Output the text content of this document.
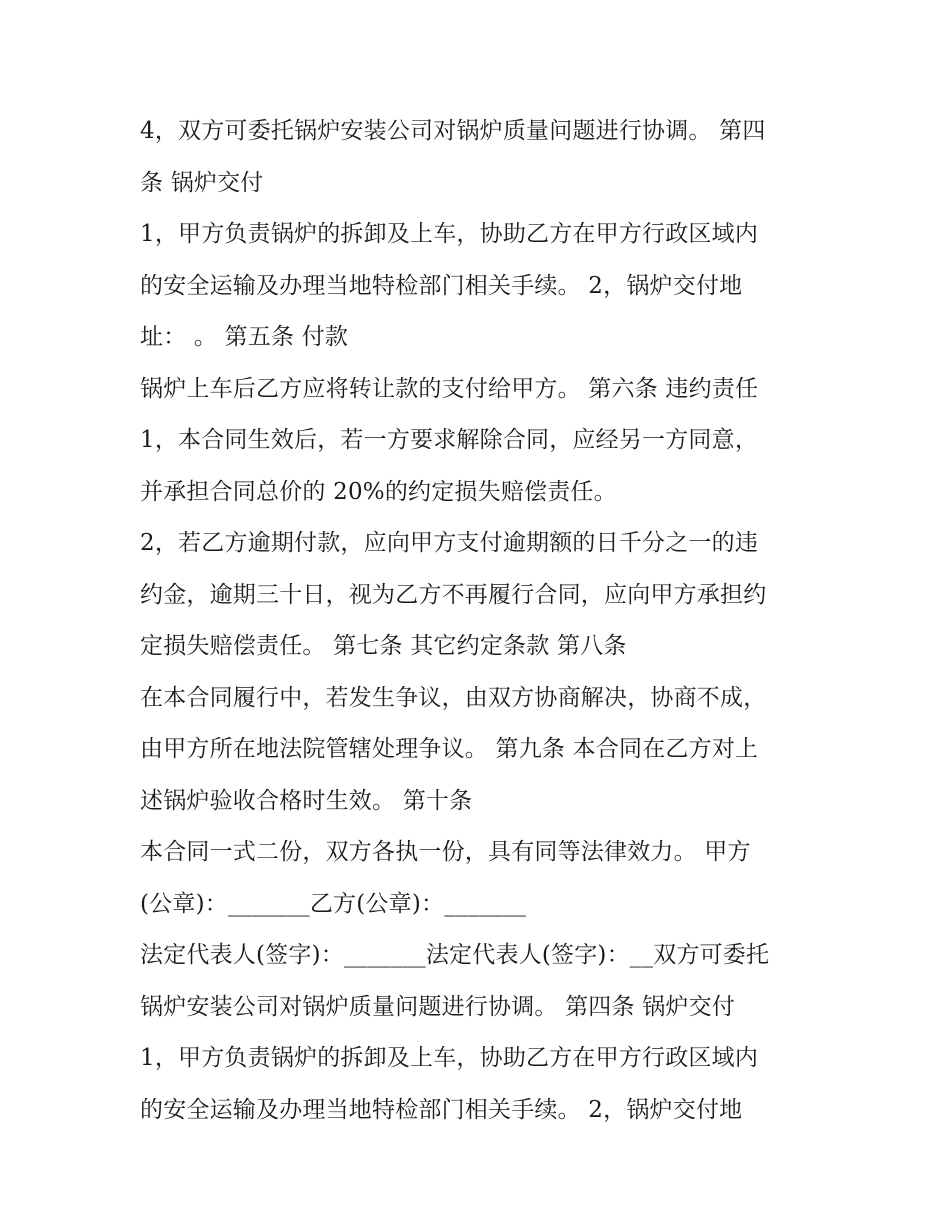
4，双方可委托锅炉安装公司对锅炉质量问题进行协调。 第四
条 锅炉交付
1，甲方负责锅炉的拆卸及上车，协助乙方在甲方行政区域内
的安全运输及办理当地特检部门相关手续。 2，锅炉交付地
址： 。 第五条 付款
锅炉上车后乙方应将转让款的支付给甲方。 第六条 违约责任
1，本合同生效后，若一方要求解除合同，应经另一方同意，
并承担合同总价的 20%的约定损失赔偿责任。
2，若乙方逾期付款，应向甲方支付逾期额的日千分之一的违
约金，逾期三十日，视为乙方不再履行合同，应向甲方承担约
定损失赔偿责任。 第七条 其它约定条款 第八条
在本合同履行中，若发生争议，由双方协商解决，协商不成，
由甲方所在地法院管辖处理争议。 第九条 本合同在乙方对上
述锅炉验收合格时生效。 第十条
本合同一式二份，双方各执一份，具有同等法律效力。 甲方
(公章)：_______乙方(公章)：_______
法定代表人(签字)：_______法定代表人(签字)：__双方可委托
锅炉安装公司对锅炉质量问题进行协调。 第四条 锅炉交付
1，甲方负责锅炉的拆卸及上车，协助乙方在甲方行政区域内
的安全运输及办理当地特检部门相关手续。 2，锅炉交付地
